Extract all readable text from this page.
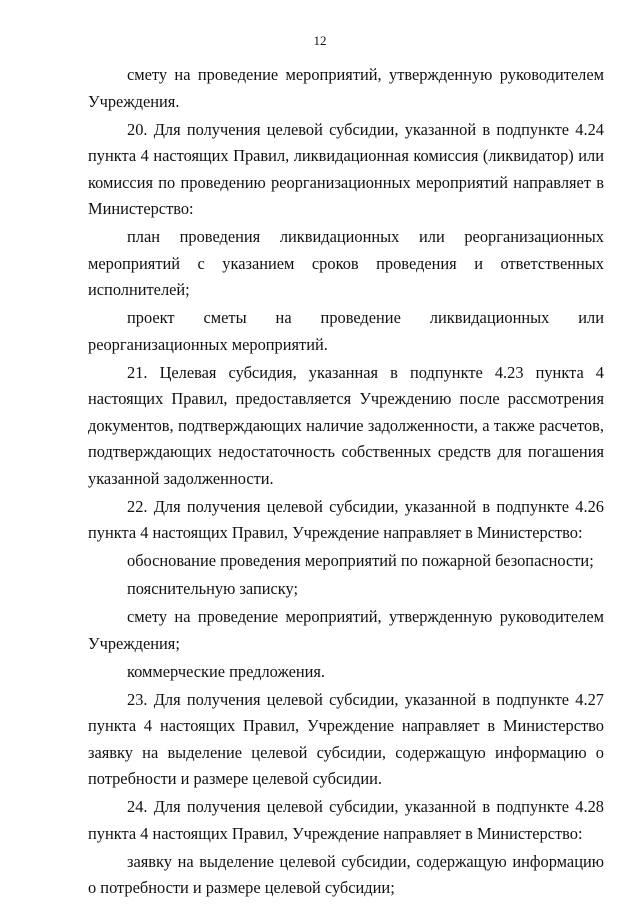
12

смету на проведение мероприятий, утвержденную руководителем Учреждения.

20. Для получения целевой субсидии, указанной в подпункте 4.24 пункта 4 настоящих Правил, ликвидационная комиссия (ликвидатор) или комиссия по проведению реорганизационных мероприятий направляет в Министерство:

план проведения ликвидационных или реорганизационных мероприятий с указанием сроков проведения и ответственных исполнителей;

проект сметы на проведение ликвидационных или реорганизационных мероприятий.

21. Целевая субсидия, указанная в подпункте 4.23 пункта 4 настоящих Правил, предоставляется Учреждению после рассмотрения документов, подтверждающих наличие задолженности, а также расчетов, подтверждающих недостаточность собственных средств для погашения указанной задолженности.

22. Для получения целевой субсидии, указанной в подпункте 4.26 пункта 4 настоящих Правил, Учреждение направляет в Министерство:

обоснование проведения мероприятий по пожарной безопасности;

пояснительную записку;

смету на проведение мероприятий, утвержденную руководителем Учреждения;

коммерческие предложения.

23. Для получения целевой субсидии, указанной в подпункте 4.27 пункта 4 настоящих Правил, Учреждение направляет в Министерство заявку на выделение целевой субсидии, содержащую информацию о потребности и размере целевой субсидии.

24. Для получения целевой субсидии, указанной в подпункте 4.28 пункта 4 настоящих Правил, Учреждение направляет в Министерство:

заявку на выделение целевой субсидии, содержащую информацию о потребности и размере целевой субсидии;
